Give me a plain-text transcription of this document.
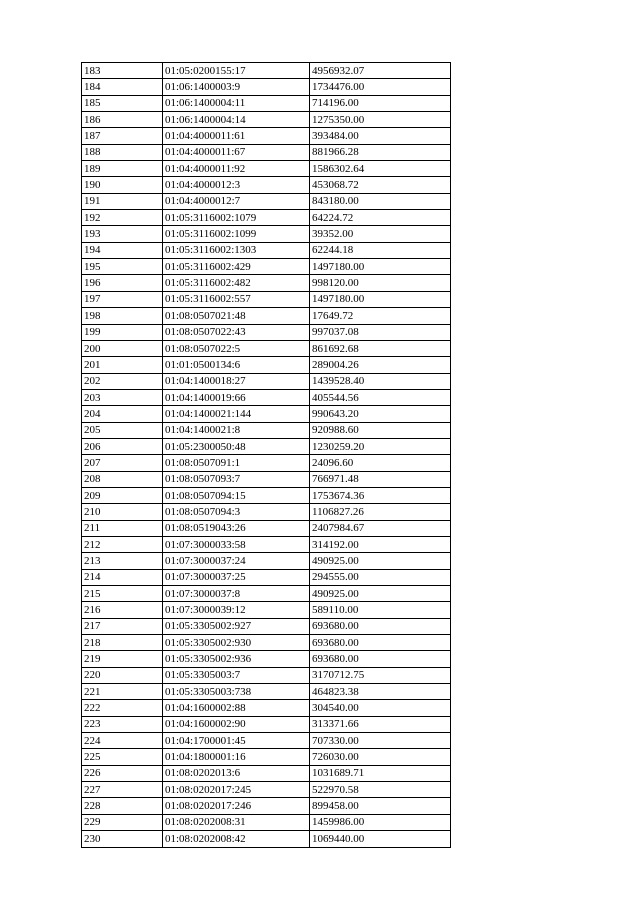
183	01:05:0200155:17	4956932.07
184	01:06:1400003:9	1734476.00
185	01:06:1400004:11	714196.00
186	01:06:1400004:14	1275350.00
187	01:04:4000011:61	393484.00
188	01:04:4000011:67	881966.28
189	01:04:4000011:92	1586302.64
190	01:04:4000012:3	453068.72
191	01:04:4000012:7	843180.00
192	01:05:3116002:1079	64224.72
193	01:05:3116002:1099	39352.00
194	01:05:3116002:1303	62244.18
195	01:05:3116002:429	1497180.00
196	01:05:3116002:482	998120.00
197	01:05:3116002:557	1497180.00
198	01:08:0507021:48	17649.72
199	01:08:0507022:43	997037.08
200	01:08:0507022:5	861692.68
201	01:01:0500134:6	289004.26
202	01:04:1400018:27	1439528.40
203	01:04:1400019:66	405544.56
204	01:04:1400021:144	990643.20
205	01:04:1400021:8	920988.60
206	01:05:2300050:48	1230259.20
207	01:08:0507091:1	24096.60
208	01:08:0507093:7	766971.48
209	01:08:0507094:15	1753674.36
210	01:08:0507094:3	1106827.26
211	01:08:0519043:26	2407984.67
212	01:07:3000033:58	314192.00
213	01:07:3000037:24	490925.00
214	01:07:3000037:25	294555.00
215	01:07:3000037:8	490925.00
216	01:07:3000039:12	589110.00
217	01:05:3305002:927	693680.00
218	01:05:3305002:930	693680.00
219	01:05:3305002:936	693680.00
220	01:05:3305003:7	3170712.75
221	01:05:3305003:738	464823.38
222	01:04:1600002:88	304540.00
223	01:04:1600002:90	313371.66
224	01:04:1700001:45	707330.00
225	01:04:1800001:16	726030.00
226	01:08:0202013:6	1031689.71
227	01:08:0202017:245	522970.58
228	01:08:0202017:246	899458.00
229	01:08:0202008:31	1459986.00
230	01:08:0202008:42	1069440.00
